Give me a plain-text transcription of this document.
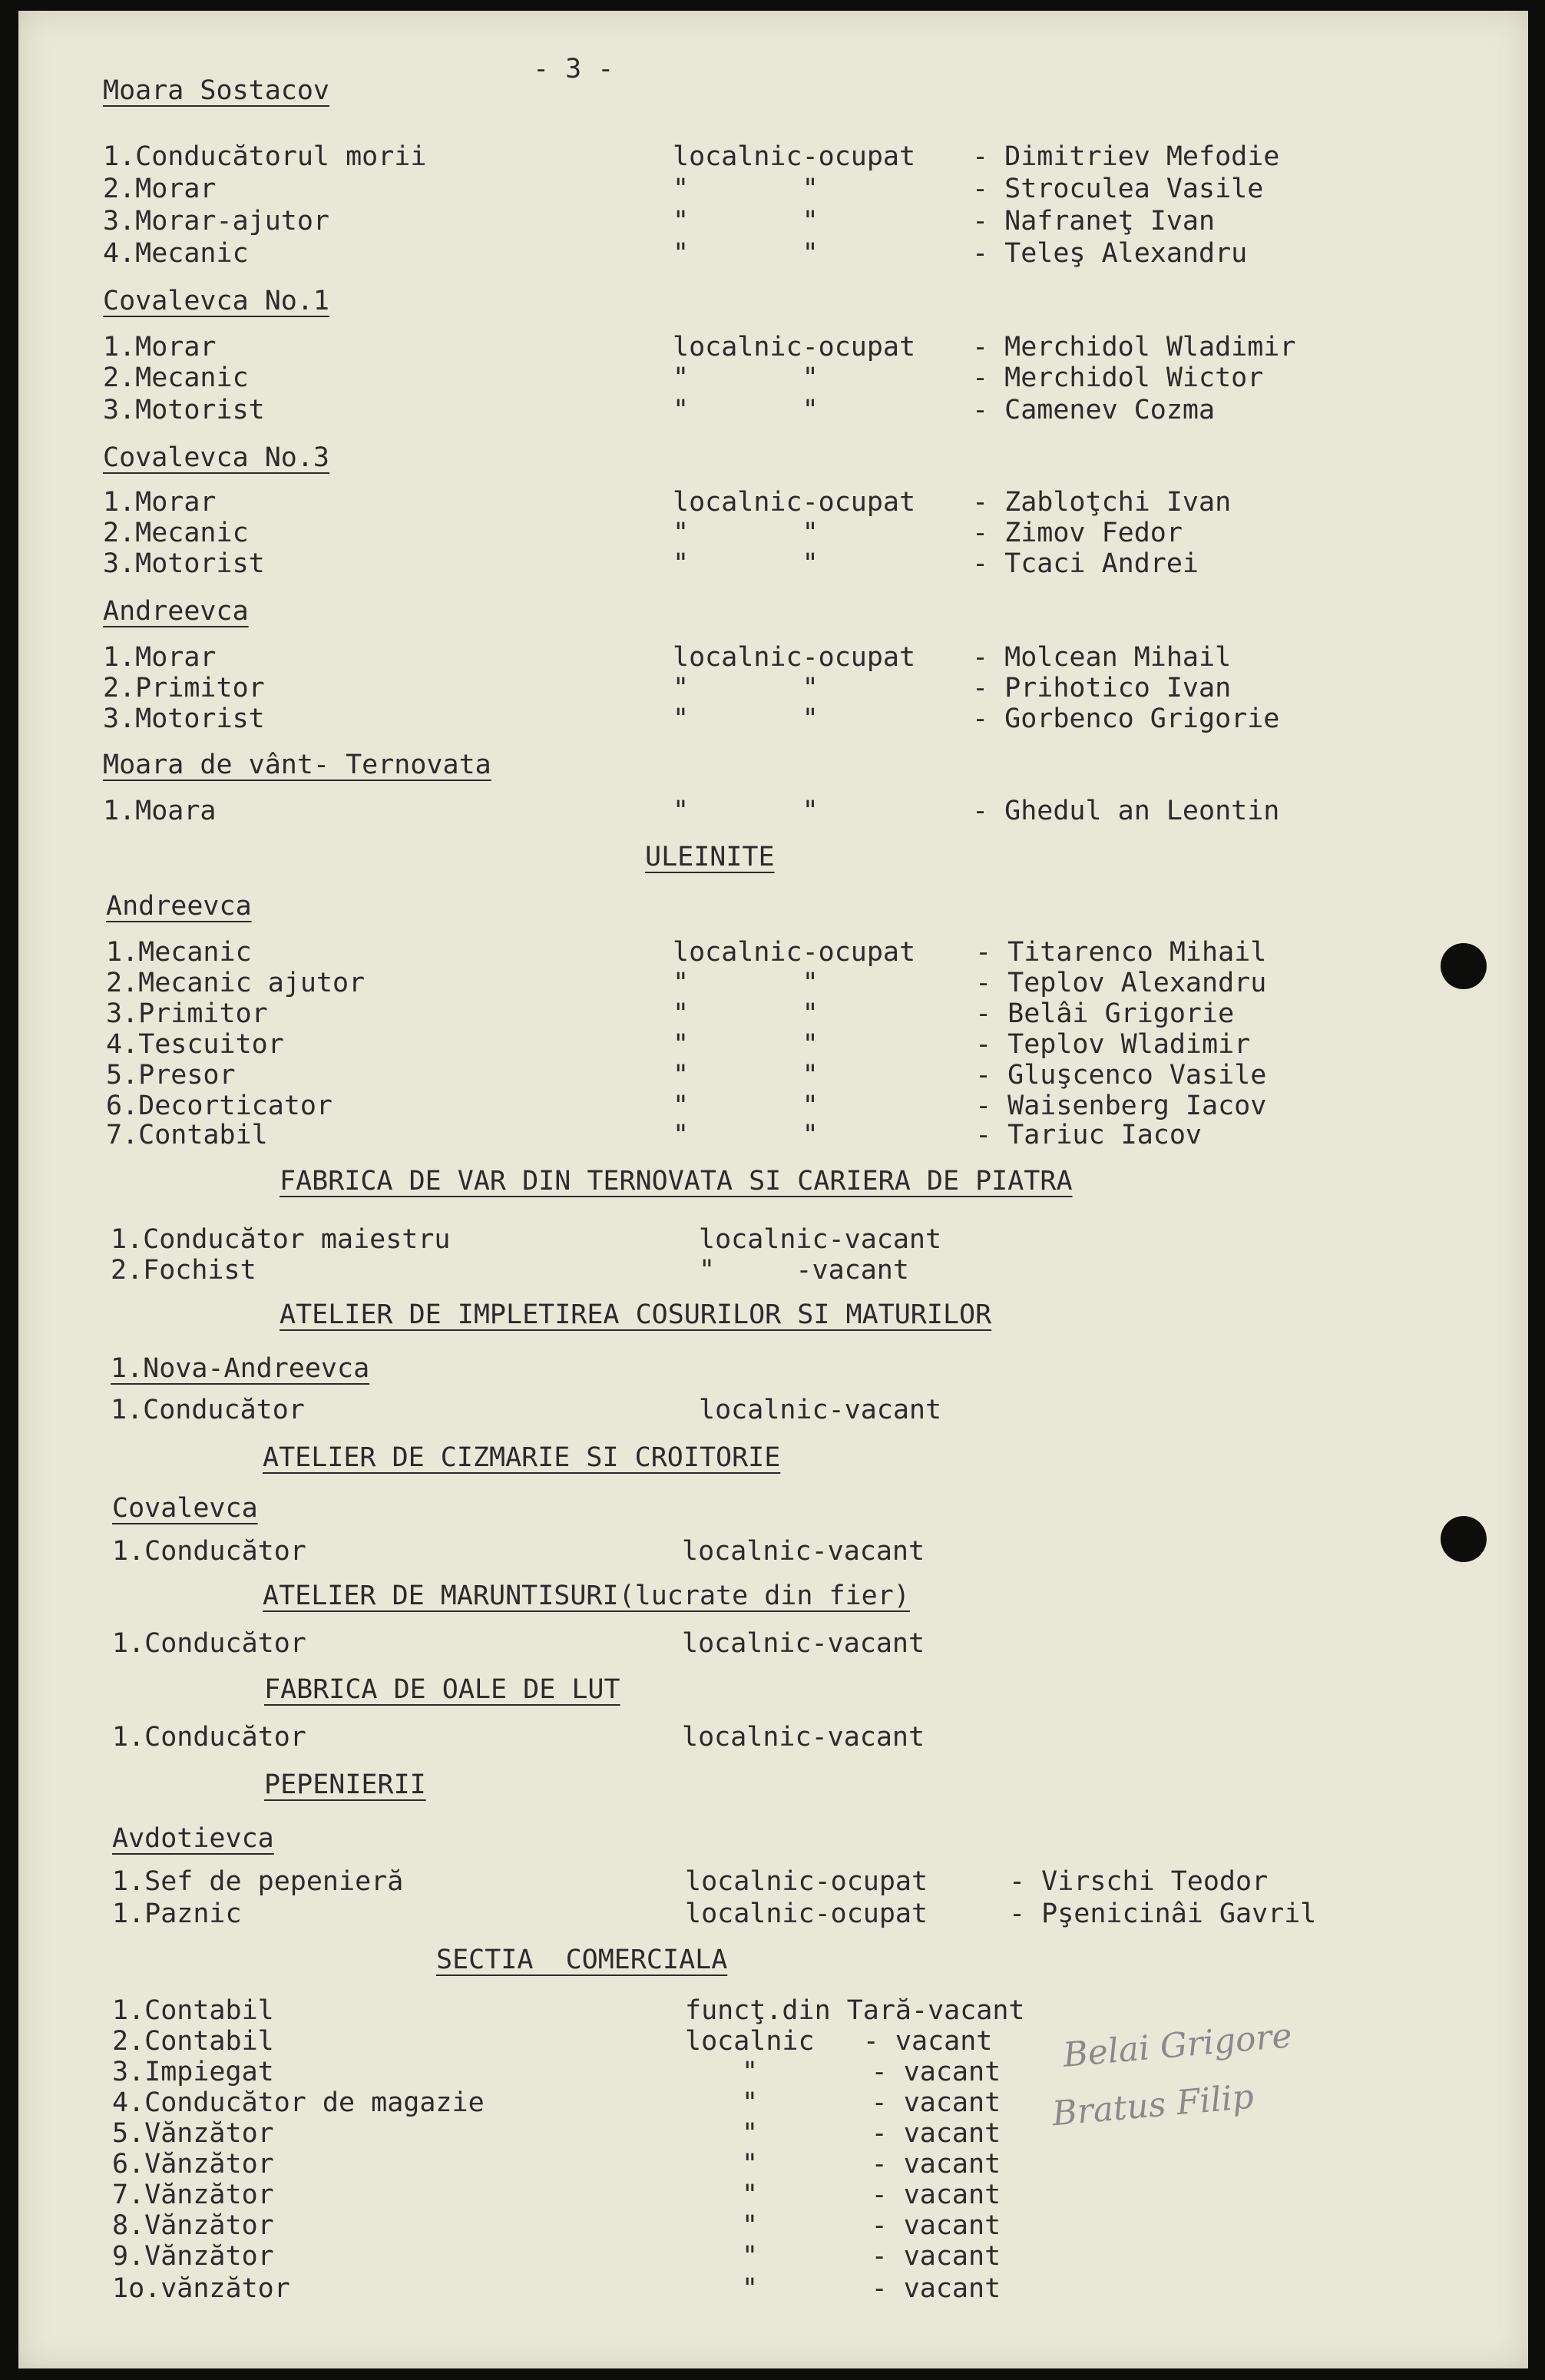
- 3 -
Moara Sostacov
1.Conducătorul morii	localnic-ocupat - Dimitriev Mefodie
2.Morar	"       "	- Stroculea Vasile
3.Morar-ajutor	"       "	- Nafraneţ Ivan
4.Mecanic	"       "	- Teleş Alexandru
Covalevca No.1
1.Morar	localnic-ocupat - Merchidol Wladimir
2.Mecanic	"       "	- Merchidol Wictor
3.Motorist	"       "	- Camenev Cozma
Covalevca No.3
1.Morar	localnic-ocupat - Zabloţchi Ivan
2.Mecanic	"       "	- Zimov Fedor
3.Motorist	"       "	- Tcaci Andrei
Andreevca
1.Morar	localnic-ocupat - Molcean Mihail
2.Primitor	"       "	- Prihotico Ivan
3.Motorist	"       "	- Gorbenco Grigorie
Moara de vânt- Ternovata
1.Moara	"       "	- Ghedul an Leontin
ULEINITE
Andreevca
1.Mecanic	localnic-ocupat - Titarenco Mihail
2.Mecanic ajutor	"       "	- Teplov Alexandru
3.Primitor	"       "	- Belâi Grigorie
4.Tescuitor	"       "	- Teplov Wladimir
5.Presor	"       "	- Gluşcenco Vasile
6.Decorticator	"       "	- Waisenberg Iacov
7.Contabil	"       "	- Tariuc Iacov
FABRICA DE VAR DIN TERNOVATA SI CARIERA DE PIATRA
1.Conducător maiestru	localnic-vacant
2.Fochist	"     -vacant
ATELIER DE IMPLETIREA COSURILOR SI MATURILOR
1.Nova-Andreevca
1.Conducător	localnic-vacant
ATELIER DE CIZMARIE SI CROITORIE
Covalevca
1.Conducător	localnic-vacant
ATELIER DE MARUNTISURI(lucrate din fier)
1.Conducător	localnic-vacant
FABRICA DE OALE DE LUT
1.Conducător	localnic-vacant
PEPENIERII
Avdotievca
1.Sef de pepenieră	localnic-ocupat	- Virschi Teodor
1.Paznic	localnic-ocupat	- Pşenicinâi Gavril
SECTIA  COMERCIALA
1.Contabil	funcţ.din Tară-vacant
2.Contabil	localnic   - vacant
3.Impiegat	"       - vacant
4.Conducător de magazie	"       - vacant
5.Vănzător	"       - vacant
6.Vănzător	"       - vacant
7.Vănzător	"       - vacant
8.Vănzător	"       - vacant
9.Vănzător	"       - vacant
1o.vănzător	"       - vacant
Belai Grigore
Bratus Filip
